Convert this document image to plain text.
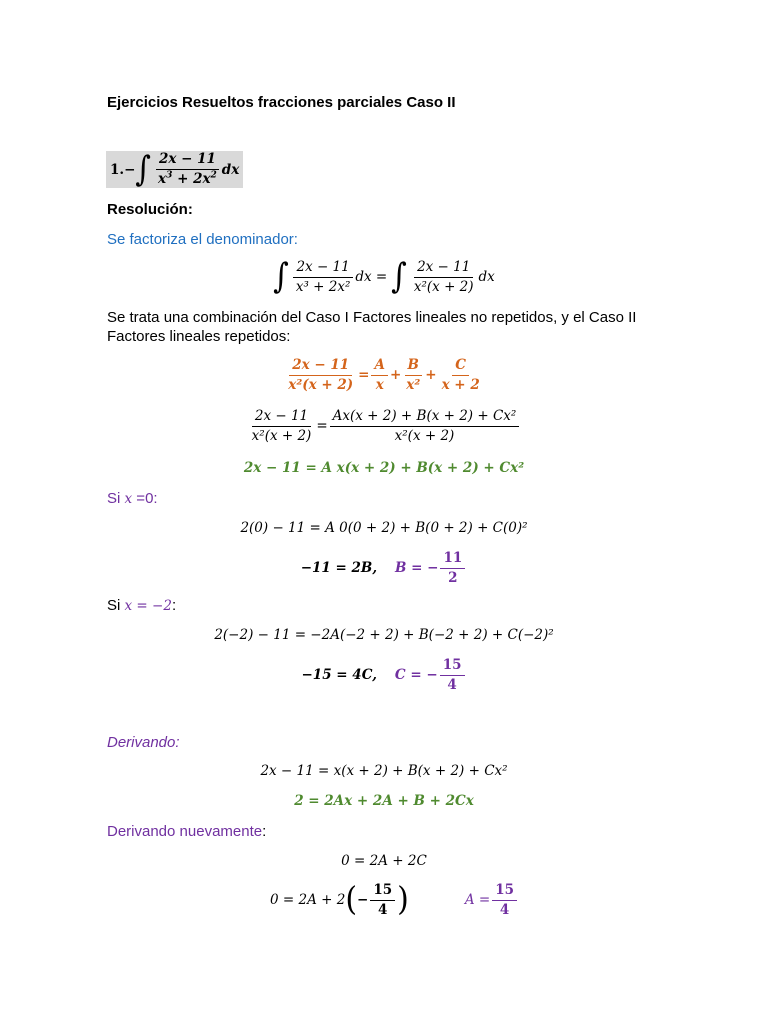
Ejercicios Resueltos fracciones parciales Caso II
1.− ∫ $\frac{2x - 11}{x^3 + 2x^2}$ dx
Resolución:
Se factoriza el denominador:
∫ $\frac{2x - 11}{\text{x³ + 2x²}}$ dx = ∫ $\frac{2x - 11}{\text{x²(x + 2)}}$ dx
Se trata una combinación del Caso I Factores lineales no repetidos, y el Caso II Factores lineales repetidos:
$\frac{2x - 11}{\text{x²(x + 2)}} = \frac{A}{x} + \frac{B}{\text{x²}} + \frac{C}{x + 2}$
$\frac{2x - 11}{\text{x²(x + 2)}} = \frac{\text{Ax(x + 2) + B(x + 2) + Cx²}}{\text{x²(x + 2)}}$
2x − 11 = A x(x + 2) + B(x + 2) + Cx²
Si x =0:
2(0) − 11 = A 0(0 + 2) + B(0 + 2) + C(0)²
−11 = 2B, B = − $\frac{11}{2}$
Si x = −2:
2(−2) − 11 = −2A(−2 + 2) + B(−2 + 2) + C(−2)²
−15 = 4C, C = − $\frac{15}{4}$
Derivando:
2x − 11 = x(x + 2) + B(x + 2) + Cx²
2 = 2Ax + 2A + B + 2Cx
Derivando nuevamente:
0 = 2A + 2C
0 = 2A + 2 ( − $\frac{15}{4}$ )	$A = \frac{15}{4}$
